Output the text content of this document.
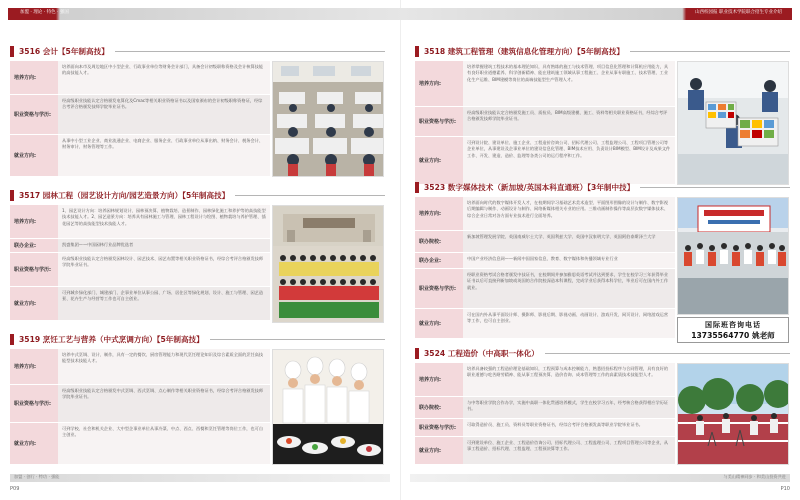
加盟 · 理论 · 特色 · 强国	山西校园报 职业技术学院联合招生专业介绍
3516 会计【5年制高技】
培养方向:
培养面向本市及周边地区中小型企业、行政事业单位等财务会计部门，具备会计初级职称资格及会计核算技能的高技能人才。
职业资格与学历:
经高级职业技能认定合格颁发电算化及Cmac等相关职业资格证书以及国家颁布的会计初级职称资格证，经综合考评合格颁发技师学院毕业证书。
就业方向:
从事中小型工业企业、商业流通企业、电商企业、服务企业、行政事业单位从事出纳、财务会计、税务会计、财务审计、财务管理等工作。
3517 园林工程（园艺设计方向/园艺造景方向）【5年制高技】
培养方向:
1、园艺设计方向：培养园林规划设计、园林预决算、植物栽培、造景制作、园林绿化施工和养护等的高技能型技术技能人才。2、园艺造景方向：培养具有园林施工与管理、园林工程设计与绘图、植物栽培与养护管理、插花园艺等的高技能型技术技能人才。
联办企业:	凯盛集团——中国园林行业品牌优选者
职业资格与学历:
经高级职业技能认定合格颁发园林设计、园艺技术、园艺布置等相关职业资格证书，经综合考评合格颁发技师学院毕业证书。
就业方向:
可到城乡绿化部门、城建部门、企事业单位从事公园、广场、居住区等绿化规划、设计、施工与管理、园艺造景、花卉生产与经营等工作也可自主创业。
3519 烹饪工艺与营养（中式烹调方向）【5年制高技】
培养方向:
培养中式烹调、设计、制作，具有一定的餐饮、厨房管理能力和现代烹饪理论知识及综合素质全面的烹饪高技能型技术技能人才。
职业资格与学历:
经高级职业技能认定合格颁发中式烹调、西式烹调、点心制作等相关职业资格证书，经综合考评合格颁发技师学院毕业证书。
就业方向:
可到学校、社会和机关企业、大中型企事业单位从事冷菜、中点、西点、西餐和烹饪管理等岗位工作，也可自主创业。
3518 建筑工程管理（建筑信息化管理方向）【5年制高技】
培养方向:
培养掌握建筑工程技术的基本理论知识，具有熟练的施工与技术管理、项目信息化管理和计算机应用能力，具有良好职业道德素养、科学创新精神、能在建筑施工领域从事工程施工、企业从事专职施工、技术管理、工业化生产运维、BIM建模等岗位的高端技能型生产管理人才。
职业资格与学历:
经高级职业技能认定合格颁发施工员、质检员、BIM高级建模、施工、资料等相关职业资格证书，经综合考评合格颁发技师学院毕业证书。
就业方向:
可到设计院、建设单位、施工企业、工程造价咨询公司、招标代理公司、工程监理公司、工程项目管理公司等企业单位，从事建设及企事业单位的建设信息化管理、BIM技术应用、负责设计BIM模型、BIM设计及成果文件工作、开发、建造、造价、监理等各类公司的运行程序和工作。
3523 数字媒体技术（新加坡/英国本科直通班）【3年制中技】
培养方向:
培养面向时代的数字媒体开发人才，在校期间学习基础艺术美术造型、平面图形图像的设计与制作、数字影视后期编辑与制作、动画设计与制作、网络新媒体相关专业的应用。三维动画制作操作等高层次数字媒体技术、综合企业日常对各方面专业技术进行全面培养。
联办院校:
新加坡管理发展学院、英国南威尔士大学、英国利兹大学、英国中汉家明大学、英国阿伯泰斯泽兰大学
联办企业:	中国产业经济信息网——新闻中国国家信息、教育、数字媒体和传播领域专业行业
职业资格与学历:
经职业资格考试合格者颁发中技证书，在校期间并参加雅思英语考试并达到要求，学生在校学习三年获得毕业证书以后可直接到新加坡或英国的合作院校深造本科课程，完成学业后获得本科学位，毕业后可在国内外工作就业。
就业方向:
可在国内外从事平面设计师、摄影师、影视后期、影视动画、动画设计、游戏开发、网页设计、网络游戏运营等工作，也可自主创业。	国际班咨询电话
13735564770 姚老师
3524 工程造价（中高职一体化）
培养方向:
培养具备较强的工程造价理论基础知识，工程预算与成本控制能力，熟悉招投标程序与合同管理，具有良好的职业道德与吃苦耐劳精神、能从事工程预决算、造价咨询、成本管理等工作的高素质技术技能型人才。
联办院校:
与中等职业学院合作办学，实施中高职一体化贯通培养模式，学生在校学习五年，经考核合格获得相应学历证书。
职业资格与学历:
可取得造价员、施工员、资料员等职业资格证书，经综合考评合格颁发高等职业学院毕业证书。
就业方向:
可到建设单位、施工企业、工程造价咨询公司、招标代理公司、工程监理公司、工程项目管理公司等企业，从事工程造价、招标代理、工程监理、工程预决算等工作。
加盟 · 创行 · 特功 · 强能	与美山精神同步 · 和美山投资共进
P09	P10
